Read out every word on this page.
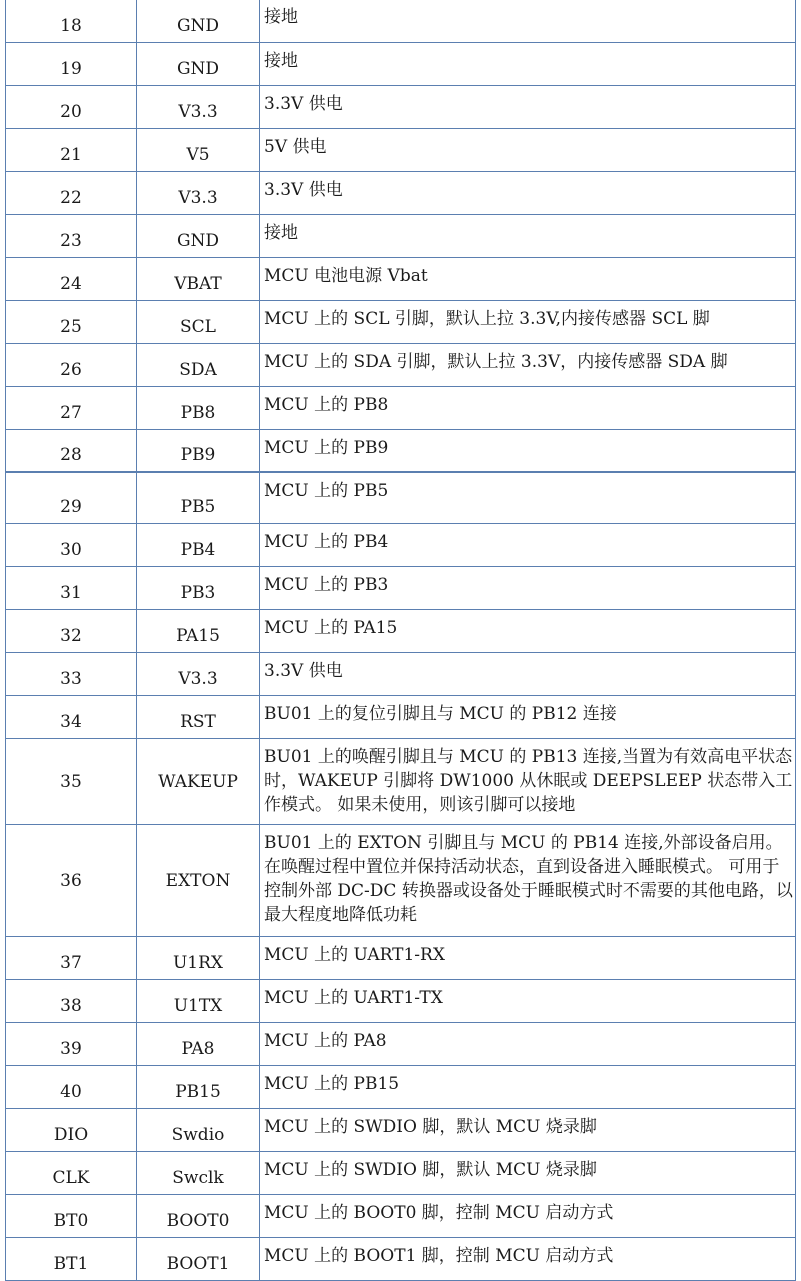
18	GND	接地
19	GND	接地
20	V3.3	3.3V 供电
21	V5	5V 供电
22	V3.3	3.3V 供电
23	GND	接地
24	VBAT	MCU 电池电源 Vbat
25	SCL	MCU 上的 SCL 引脚，默认上拉 3.3V,内接传感器 SCL 脚
26	SDA	MCU 上的 SDA 引脚，默认上拉 3.3V，内接传感器 SDA 脚
27	PB8	MCU 上的 PB8
28	PB9	MCU 上的 PB9
29	PB5	MCU 上的 PB5
30	PB4	MCU 上的 PB4
31	PB3	MCU 上的 PB3
32	PA15	MCU 上的 PA15
33	V3.3	3.3V 供电
34	RST	BU01 上的复位引脚且与 MCU 的 PB12 连接
35	WAKEUP	BU01 上的唤醒引脚且与 MCU 的 PB13 连接,当置为有效高电平状态时，WAKEUP 引脚将 DW1000 从休眠或 DEEPSLEEP 状态带入工作模式。 如果未使用，则该引脚可以接地
36	EXTON	BU01 上的 EXTON 引脚且与 MCU 的 PB14 连接,外部设备启用。在唤醒过程中置位并保持活动状态，直到设备进入睡眠模式。 可用于控制外部 DC-DC 转换器或设备处于睡眠模式时不需要的其他电路，以最大程度地降低功耗
37	U1RX	MCU 上的 UART1-RX
38	U1TX	MCU 上的 UART1-TX
39	PA8	MCU 上的 PA8
40	PB15	MCU 上的 PB15
DIO	Swdio	MCU 上的 SWDIO 脚，默认 MCU 烧录脚
CLK	Swclk	MCU 上的 SWDIO 脚，默认 MCU 烧录脚
BT0	BOOT0	MCU 上的 BOOT0 脚，控制 MCU 启动方式
BT1	BOOT1	MCU 上的 BOOT1 脚，控制 MCU 启动方式
